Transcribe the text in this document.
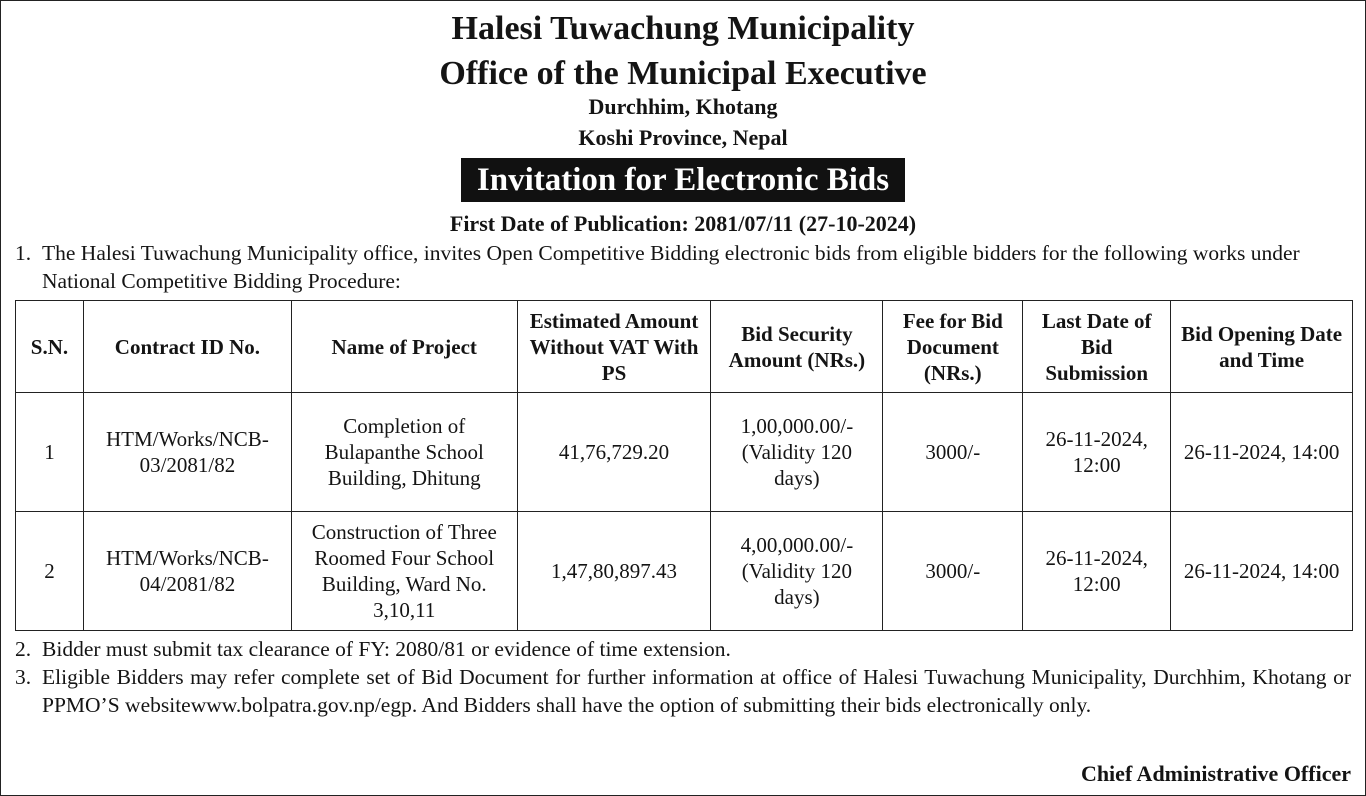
Halesi Tuwachung Municipality
Office of the Municipal Executive
Durchhim, Khotang
Koshi Province, Nepal
Invitation for Electronic Bids
First Date of Publication: 2081/07/11 (27-10-2024)
1. The Halesi Tuwachung Municipality office, invites Open Competitive Bidding electronic bids from eligible bidders for the following works under National Competitive Bidding Procedure:
S.N.	Contract ID No.	Name of Project	Estimated Amount Without VAT With PS	Bid Security Amount (NRs.)	Fee for Bid Document (NRs.)	Last Date of Bid Submission	Bid Opening Date and Time
1	HTM/Works/NCB-03/2081/82	Completion of Bulapanthe School Building, Dhitung	41,76,729.20	1,00,000.00/- (Validity 120 days)	3000/-	26-11-2024, 12:00	26-11-2024, 14:00
2	HTM/Works/NCB-04/2081/82	Construction of Three Roomed Four School Building, Ward No. 3,10,11	1,47,80,897.43	4,00,000.00/- (Validity 120 days)	3000/-	26-11-2024, 12:00	26-11-2024, 14:00
2. Bidder must submit tax clearance of FY: 2080/81 or evidence of time extension.
3. Eligible Bidders may refer complete set of Bid Document for further information at office of Halesi Tuwachung Municipality, Durchhim, Khotang or PPMO’S websitewww.bolpatra.gov.np/egp. And Bidders shall have the option of submitting their bids electronically only.
Chief Administrative Officer
